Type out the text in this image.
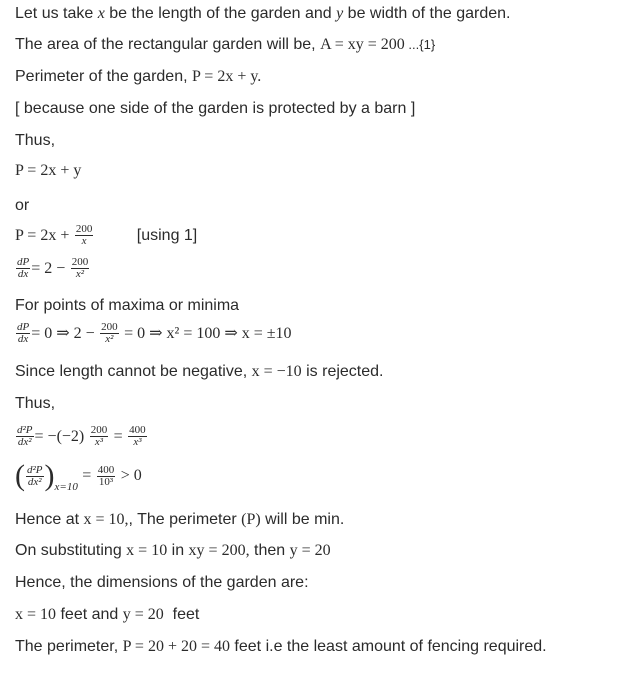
Let us take x be the length of the garden and y be width of the garden.
The area of the rectangular garden will be, A = xy = 200 ...{1}
Perimeter of the garden, P = 2x + y.
[ because one side of the garden is protected by a barn ]
Thus,
P = 2x + y
or
$P = 2x + \frac{200}{x}$	[using 1]
$\frac{dP}{dx} = 2 - \frac{200}{\text{x²}}$
For points of maxima or minima
$\frac{dP}{dx} = 0$ ⇒ $2 - \frac{200}{\text{x²}} = 0$ ⇒ x² = 100 ⇒ x = ±10
Since length cannot be negative, x = −10 is rejected.
Thus,
$\frac{\text{d²P}}{\text{dx²}} = -(-2) \frac{200}{\text{x³}} = \frac{400}{\text{x³}}$
( $\frac{\text{d²P}}{\text{dx²}} )_{x=10} = \frac{400}{\text{10³}} > 0$
Hence at x = 10,, The perimeter (P) will be min.
On substituting x = 10 in xy = 200, then y = 20
Hence, the dimensions of the garden are:
x = 10 feet and y = 20  feet
The perimeter, P = 20 + 20 = 40 feet i.e the least amount of fencing required.
